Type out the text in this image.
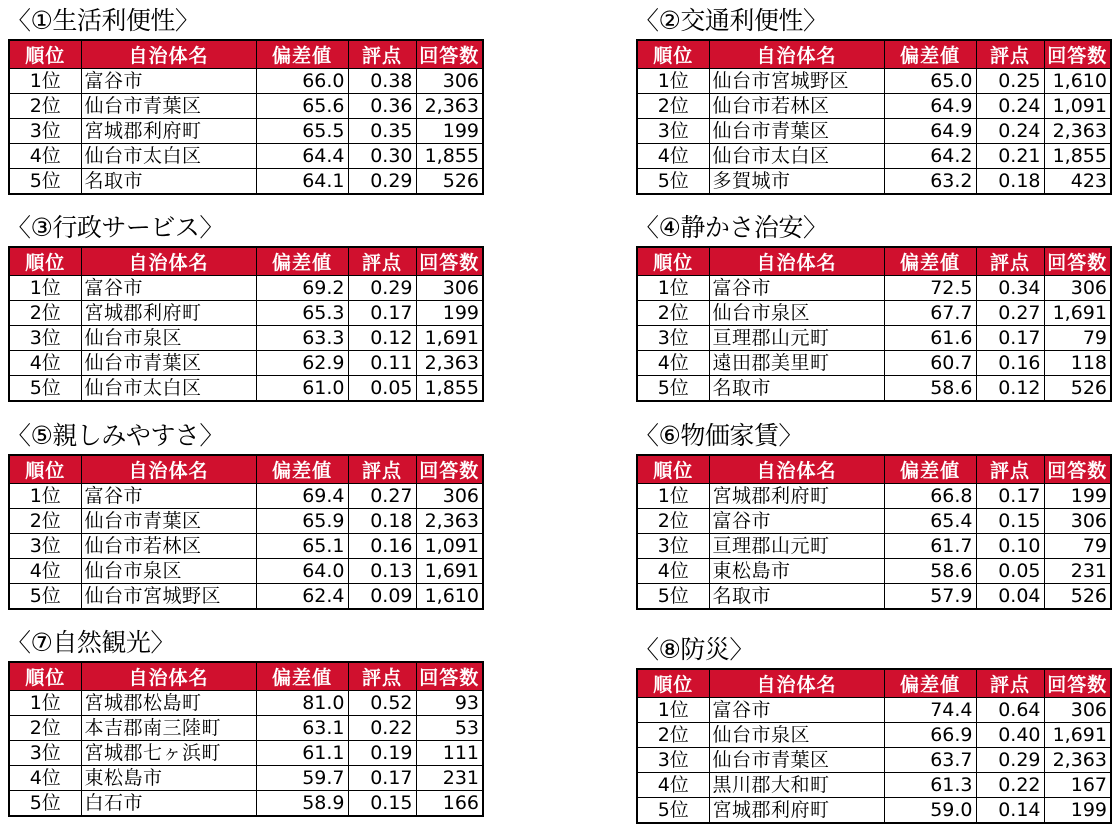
〈①生活利便性〉
順位	自治体名	偏差値	評点	回答数
1位	富谷市	66.0	0.38	306
2位	仙台市青葉区	65.6	0.36	2,363
3位	宮城郡利府町	65.5	0.35	199
4位	仙台市太白区	64.4	0.30	1,855
5位	名取市	64.1	0.29	526
〈②交通利便性〉
順位	自治体名	偏差値	評点	回答数
1位	仙台市宮城野区	65.0	0.25	1,610
2位	仙台市若林区	64.9	0.24	1,091
3位	仙台市青葉区	64.9	0.24	2,363
4位	仙台市太白区	64.2	0.21	1,855
5位	多賀城市	63.2	0.18	423
〈③行政サービス〉
順位	自治体名	偏差値	評点	回答数
1位	富谷市	69.2	0.29	306
2位	宮城郡利府町	65.3	0.17	199
3位	仙台市泉区	63.3	0.12	1,691
4位	仙台市青葉区	62.9	0.11	2,363
5位	仙台市太白区	61.0	0.05	1,855
〈④静かさ治安〉
順位	自治体名	偏差値	評点	回答数
1位	富谷市	72.5	0.34	306
2位	仙台市泉区	67.7	0.27	1,691
3位	亘理郡山元町	61.6	0.17	79
4位	遠田郡美里町	60.7	0.16	118
5位	名取市	58.6	0.12	526
〈⑤親しみやすさ〉
順位	自治体名	偏差値	評点	回答数
1位	富谷市	69.4	0.27	306
2位	仙台市青葉区	65.9	0.18	2,363
3位	仙台市若林区	65.1	0.16	1,091
4位	仙台市泉区	64.0	0.13	1,691
5位	仙台市宮城野区	62.4	0.09	1,610
〈⑥物価家賃〉
順位	自治体名	偏差値	評点	回答数
1位	宮城郡利府町	66.8	0.17	199
2位	富谷市	65.4	0.15	306
3位	亘理郡山元町	61.7	0.10	79
4位	東松島市	58.6	0.05	231
5位	名取市	57.9	0.04	526
〈⑦自然観光〉
順位	自治体名	偏差値	評点	回答数
1位	宮城郡松島町	81.0	0.52	93
2位	本吉郡南三陸町	63.1	0.22	53
3位	宮城郡七ヶ浜町	61.1	0.19	111
4位	東松島市	59.7	0.17	231
5位	白石市	58.9	0.15	166
〈⑧防災〉
順位	自治体名	偏差値	評点	回答数
1位	富谷市	74.4	0.64	306
2位	仙台市泉区	66.9	0.40	1,691
3位	仙台市青葉区	63.7	0.29	2,363
4位	黒川郡大和町	61.3	0.22	167
5位	宮城郡利府町	59.0	0.14	199
